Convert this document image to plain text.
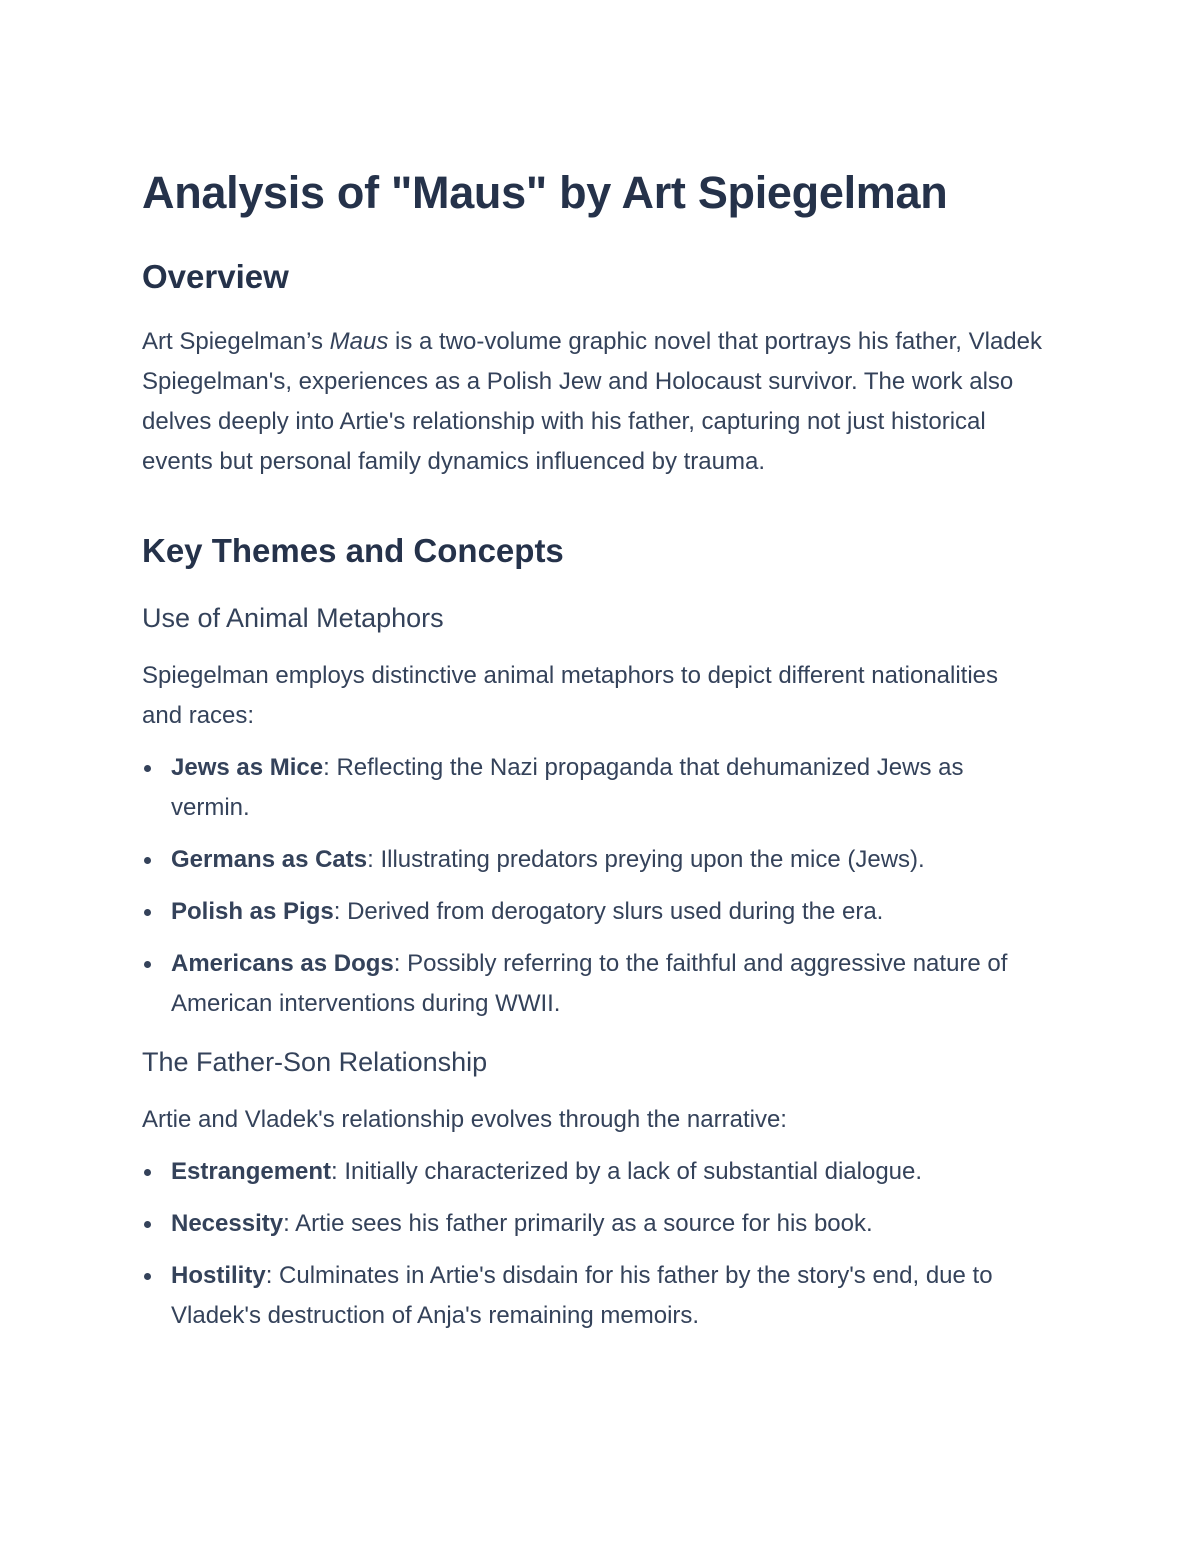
Analysis of "Maus" by Art Spiegelman
Overview

Art Spiegelman’s Maus is a two-volume graphic novel that portrays his father, Vladek Spiegelman's, experiences as a Polish Jew and Holocaust survivor. The work also delves deeply into Artie's relationship with his father, capturing not just historical events but personal family dynamics influenced by trauma.

Key Themes and Concepts
Use of Animal Metaphors

Spiegelman employs distinctive animal metaphors to depict different nationalities and races:

Jews as Mice: Reflecting the Nazi propaganda that dehumanized Jews as vermin.
Germans as Cats: Illustrating predators preying upon the mice (Jews).
Polish as Pigs: Derived from derogatory slurs used during the era.
Americans as Dogs: Possibly referring to the faithful and aggressive nature of American interventions during WWII.
The Father-Son Relationship

Artie and Vladek's relationship evolves through the narrative:

Estrangement: Initially characterized by a lack of substantial dialogue.
Necessity: Artie sees his father primarily as a source for his book.
Hostility: Culminates in Artie's disdain for his father by the story's end, due to Vladek's destruction of Anja's remaining memoirs.
